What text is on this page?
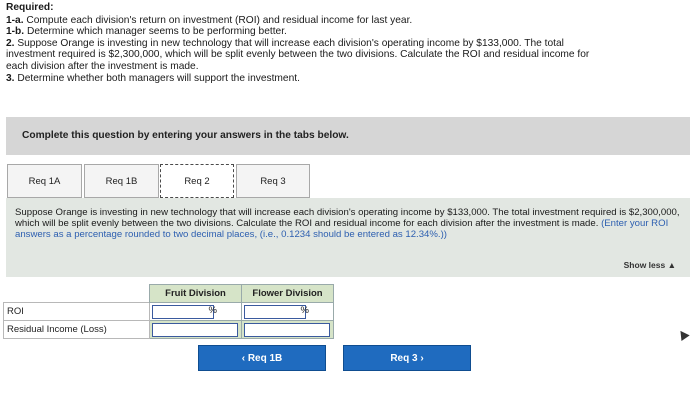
Required:
1-a. Compute each division's return on investment (ROI) and residual income for last year.
1-b. Determine which manager seems to be performing better.
2. Suppose Orange is investing in new technology that will increase each division's operating income by $133,000. The total
investment required is $2,300,000, which will be split evenly between the two divisions. Calculate the ROI and residual income for
each division after the investment is made.
3. Determine whether both managers will support the investment.
Complete this question by entering your answers in the tabs below.
Req 1A	Req 1B	Req 2	Req 3
Suppose Orange is investing in new technology that will increase each division's operating income by $133,000. The total investment required is $2,300,000, which will be split evenly between the two divisions. Calculate the ROI and residual income for each division after the investment is made. (Enter your ROI answers as a percentage rounded to two decimal places, (i.e., 0.1234 should be entered as 12.34%.))
Show less ▲
	Fruit Division	Flower Division
ROI	%	%

Residual Income (Loss)		
‹ Req 1B	Req 3 ›
